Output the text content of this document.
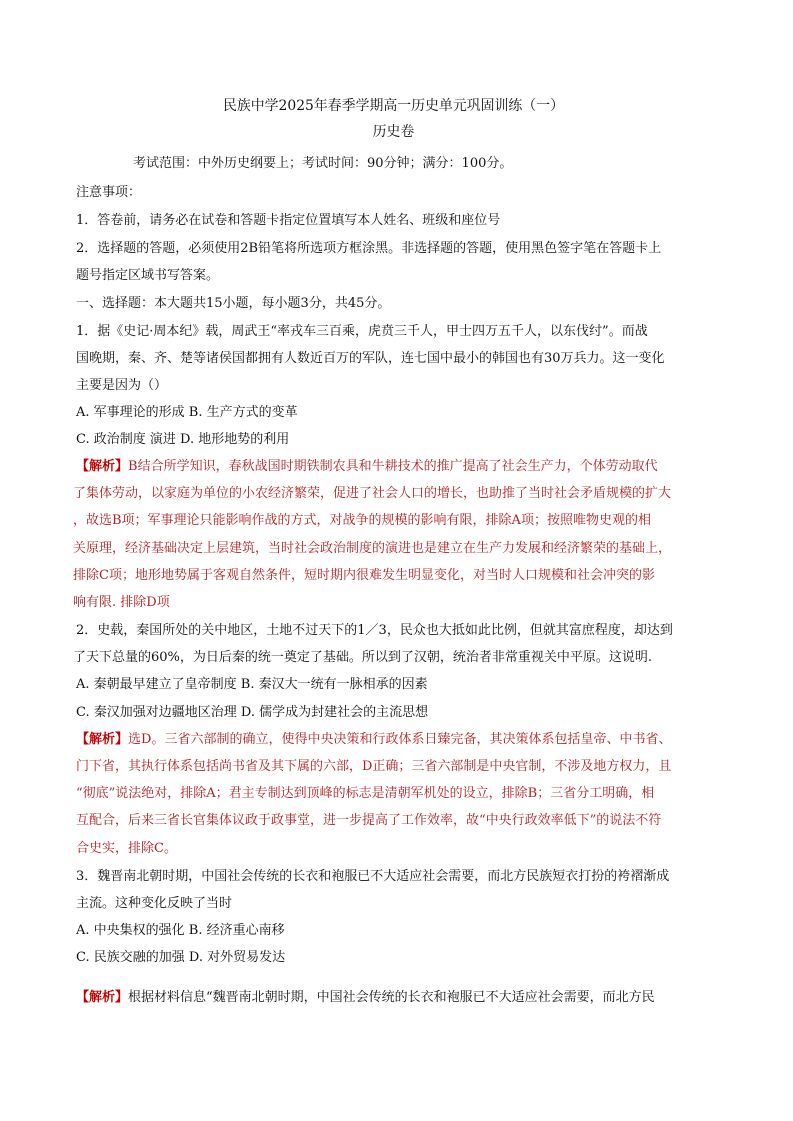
民族中学2025年春季学期高一历史单元巩固训练（一）
历史卷
考试范围：中外历史纲要上；考试时间：90分钟；满分：100分。
注意事项：
1．答卷前，请务必在试卷和答题卡指定位置填写本人姓名、班级和座位号
2．选择题的答题，必须使用2B铅笔将所选项方框涂黑。非选择题的答题，使用黑色签字笔在答题卡上
题号指定区域书写答案。
一、选择题：本大题共15小题，每小题3分，共45分。
1．据《史记·周本纪》载，周武王“率戎车三百乘，虎贲三千人，甲士四万五千人，以东伐纣”。而战
国晚期，秦、齐、楚等诸侯国都拥有人数近百万的军队，连七国中最小的韩国也有30万兵力。这一变化
主要是因为（）
A. 军事理论的形成 B. 生产方式的变革
C. 政治制度 演进 D. 地形地势的利用
【解析】B结合所学知识，春秋战国时期铁制农具和牛耕技术的推广提高了社会生产力，个体劳动取代
了集体劳动，以家庭为单位的小农经济繁荣，促进了社会人口的增长，也助推了当时社会矛盾规模的扩大
，故选B项；军事理论只能影响作战的方式，对战争的规模的影响有限，排除A项；按照唯物史观的相
关原理，经济基础决定上层建筑，当时社会政治制度的演进也是建立在生产力发展和经济繁荣的基础上，
排除C项；地形地势属于客观自然条件，短时期内很难发生明显变化，对当时人口规模和社会冲突的影
响有限. 排除D项
2．史载，秦国所处的关中地区，土地不过天下的1／3，民众也大抵如此比例，但就其富庶程度，却达到
了天下总量的60%，为日后秦的统一奠定了基础。所以到了汉朝，统治者非常重视关中平原。这说明.
A. 秦朝最早建立了皇帝制度 B. 秦汉大一统有一脉相承的因素
C. 秦汉加强对边疆地区治理 D. 儒学成为封建社会的主流思想
【解析】选D。三省六部制的确立，使得中央决策和行政体系日臻完备，其决策体系包括皇帝、中书省、
门下省，其执行体系包括尚书省及其下属的六部，D正确；三省六部制是中央官制，不涉及地方权力，且
“彻底”说法绝对，排除A；君主专制达到顶峰的标志是清朝军机处的设立，排除B；三省分工明确，相
互配合，后来三省长官集体议政于政事堂，进一步提高了工作效率，故“中央行政效率低下”的说法不符
合史实，排除C。
3．魏晋南北朝时期，中国社会传统的长衣和袍服已不大适应社会需要，而北方民族短衣打扮的袴褶渐成
主流。这种变化反映了当时
A. 中央集权的强化 B. 经济重心南移
C. 民族交融的加强 D. 对外贸易发达
【解析】根据材料信息“魏晋南北朝时期，中国社会传统的长衣和袍服已不大适应社会需要，而北方民
